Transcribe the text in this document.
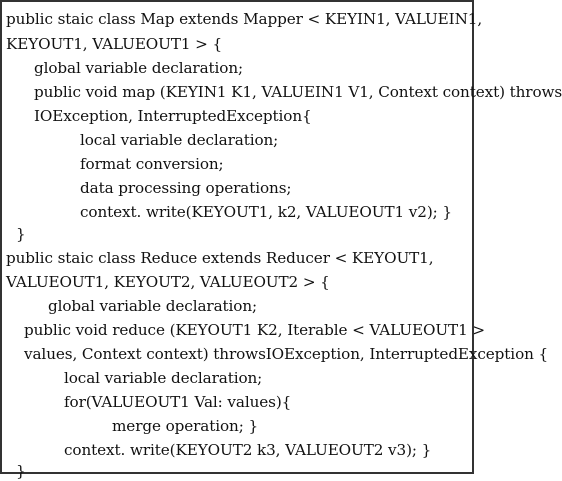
public staic class Map extends Mapper < KEYIN1, VALUEIN1,
KEYOUT1, VALUEOUT1 > {
global variable declaration;
public void map (KEYIN1 K1, VALUEIN1 V1, Context context) throws
IOException, InterruptedException{
local variable declaration;
format conversion;
data processing operations;
context. write(KEYOUT1, k2, VALUEOUT1 v2); }
}
public staic class Reduce extends Reducer < KEYOUT1,
VALUEOUT1, KEYOUT2, VALUEOUT2 > {
global variable declaration;
public void reduce (KEYOUT1 K2, Iterable < VALUEOUT1 >
values, Context context) throwsIOException, InterruptedException {
local variable declaration;
for(VALUEOUT1 Val: values){
merge operation; }
context. write(KEYOUT2 k3, VALUEOUT2 v3); }
}
